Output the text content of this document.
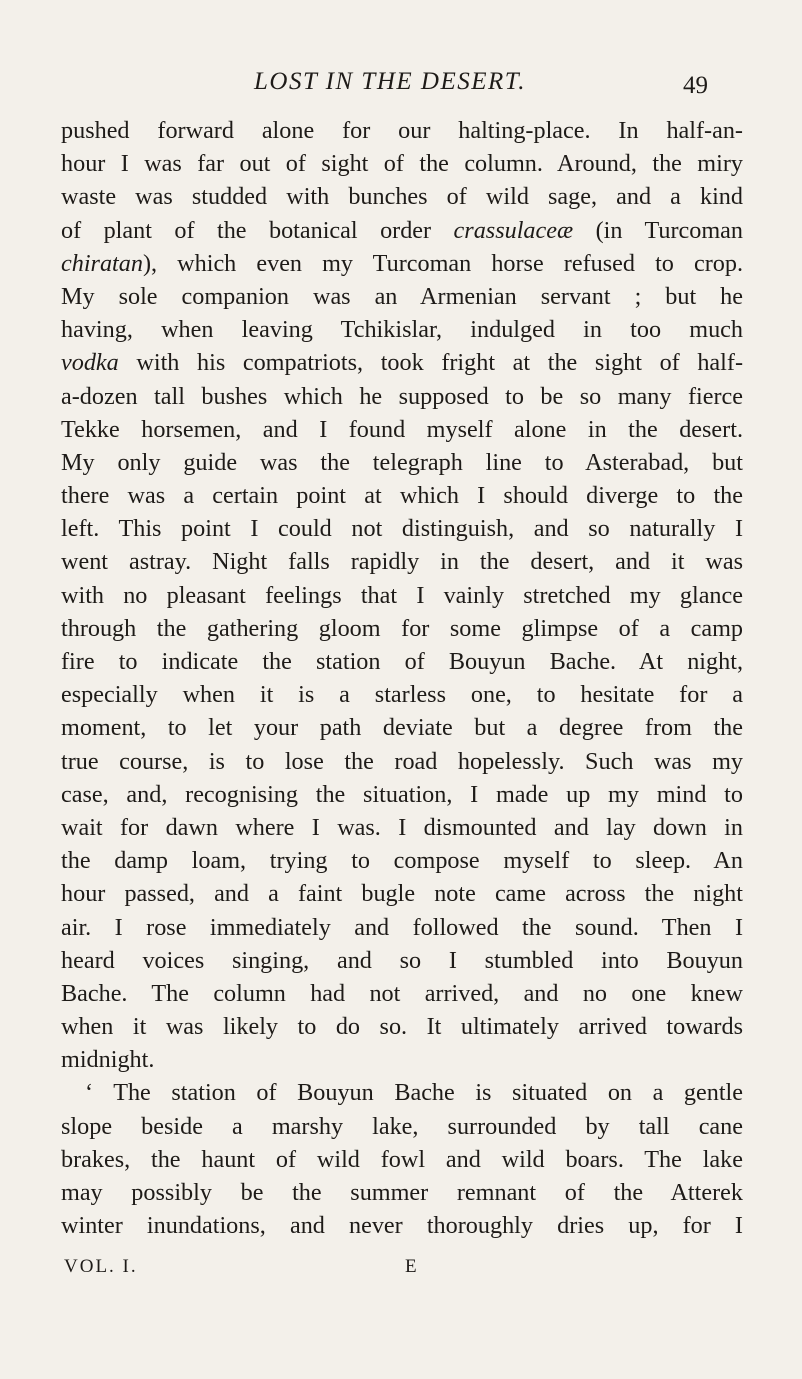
LOST IN THE DESERT.	49
pushed forward alone for our halting-place. In half-an-
hour I was far out of sight of the column. Around, the miry
waste was studded with bunches of wild sage, and a kind
of plant of the botanical order crassulaceæ (in Turcoman
chiratan), which even my Turcoman horse refused to crop.
My sole companion was an Armenian servant ; but he
having, when leaving Tchikislar, indulged in too much
vodka with his compatriots, took fright at the sight of half-
a-dozen tall bushes which he supposed to be so many fierce
Tekke horsemen, and I found myself alone in the desert.
My only guide was the telegraph line to Asterabad, but
there was a certain point at which I should diverge to the
left. This point I could not distinguish, and so naturally I
went astray. Night falls rapidly in the desert, and it was
with no pleasant feelings that I vainly stretched my glance
through the gathering gloom for some glimpse of a camp
fire to indicate the station of Bouyun Bache. At night,
especially when it is a starless one, to hesitate for a
moment, to let your path deviate but a degree from the
true course, is to lose the road hopelessly. Such was my
case, and, recognising the situation, I made up my mind to
wait for dawn where I was. I dismounted and lay down in
the damp loam, trying to compose myself to sleep. An
hour passed, and a faint bugle note came across the night
air. I rose immediately and followed the sound. Then I
heard voices singing, and so I stumbled into Bouyun
Bache. The column had not arrived, and no one knew
when it was likely to do so. It ultimately arrived towards
midnight.
‘ The station of Bouyun Bache is situated on a gentle
slope beside a marshy lake, surrounded by tall cane
brakes, the haunt of wild fowl and wild boars. The lake
may possibly be the summer remnant of the Atterek
winter inundations, and never thoroughly dries up, for I
VOL. I.	E
